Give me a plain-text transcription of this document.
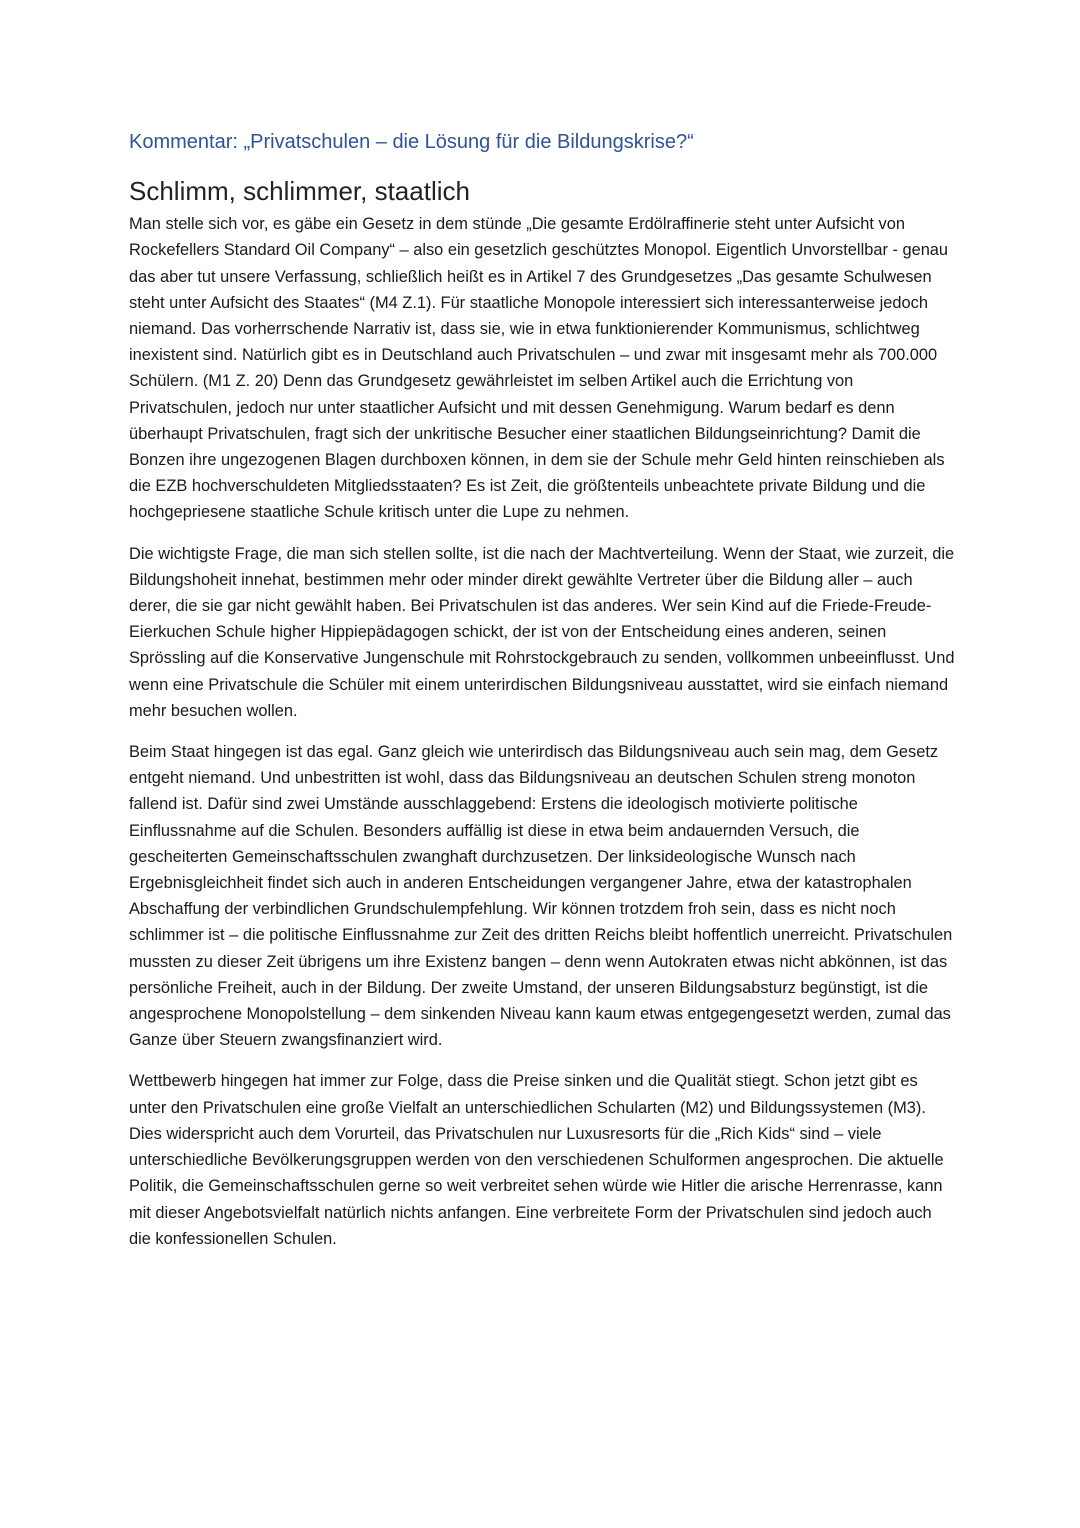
Kommentar: „Privatschulen – die Lösung für die Bildungskrise?“
Schlimm, schlimmer, staatlich

Man stelle sich vor, es gäbe ein Gesetz in dem stünde „Die gesamte Erdölraffinerie steht unter Aufsicht von Rockefellers Standard Oil Company“ – also ein gesetzlich geschütztes Monopol. Eigentlich Unvorstellbar - genau das aber tut unsere Verfassung, schließlich heißt es in Artikel 7 des Grundgesetzes „Das gesamte Schulwesen steht unter Aufsicht des Staates“ (M4 Z.1). Für staatliche Monopole interessiert sich interessanterweise jedoch niemand. Das vorherrschende Narrativ ist, dass sie, wie in etwa funktionierender Kommunismus, schlichtweg inexistent sind. Natürlich gibt es in Deutschland auch Privatschulen – und zwar mit insgesamt mehr als 700.000 Schülern. (M1 Z. 20) Denn das Grundgesetz gewährleistet im selben Artikel auch die Errichtung von Privatschulen, jedoch nur unter staatlicher Aufsicht und mit dessen Genehmigung. Warum bedarf es denn überhaupt Privatschulen, fragt sich der unkritische Besucher einer staatlichen Bildungseinrichtung? Damit die Bonzen ihre ungezogenen Blagen durchboxen können, in dem sie der Schule mehr Geld hinten reinschieben als die EZB hochverschuldeten Mitgliedsstaaten? Es ist Zeit, die größtenteils unbeachtete private Bildung und die hochgepriesene staatliche Schule kritisch unter die Lupe zu nehmen.

Die wichtigste Frage, die man sich stellen sollte, ist die nach der Machtverteilung. Wenn der Staat, wie zurzeit, die Bildungshoheit innehat, bestimmen mehr oder minder direkt gewählte Vertreter über die Bildung aller – auch derer, die sie gar nicht gewählt haben. Bei Privatschulen ist das anderes. Wer sein Kind auf die Friede-Freude-Eierkuchen Schule higher Hippiepädagogen schickt, der ist von der Entscheidung eines anderen, seinen Sprössling auf die Konservative Jungenschule mit Rohrstockgebrauch zu senden, vollkommen unbeeinflusst. Und wenn eine Privatschule die Schüler mit einem unterirdischen Bildungsniveau ausstattet, wird sie einfach niemand mehr besuchen wollen.

Beim Staat hingegen ist das egal. Ganz gleich wie unterirdisch das Bildungsniveau auch sein mag, dem Gesetz entgeht niemand. Und unbestritten ist wohl, dass das Bildungsniveau an deutschen Schulen streng monoton fallend ist. Dafür sind zwei Umstände ausschlaggebend: Erstens die ideologisch motivierte politische Einflussnahme auf die Schulen. Besonders auffällig ist diese in etwa beim andauernden Versuch, die gescheiterten Gemeinschaftsschulen zwanghaft durchzusetzen. Der linksideologische Wunsch nach Ergebnisgleichheit findet sich auch in anderen Entscheidungen vergangener Jahre, etwa der katastrophalen Abschaffung der verbindlichen Grundschulempfehlung. Wir können trotzdem froh sein, dass es nicht noch schlimmer ist – die politische Einflussnahme zur Zeit des dritten Reichs bleibt hoffentlich unerreicht. Privatschulen mussten zu dieser Zeit übrigens um ihre Existenz bangen – denn wenn Autokraten etwas nicht abkönnen, ist das persönliche Freiheit, auch in der Bildung. Der zweite Umstand, der unseren Bildungsabsturz begünstigt, ist die angesprochene Monopolstellung – dem sinkenden Niveau kann kaum etwas entgegengesetzt werden, zumal das Ganze über Steuern zwangsfinanziert wird.

Wettbewerb hingegen hat immer zur Folge, dass die Preise sinken und die Qualität stiegt. Schon jetzt gibt es unter den Privatschulen eine große Vielfalt an unterschiedlichen Schularten (M2) und Bildungssystemen (M3). Dies widerspricht auch dem Vorurteil, das Privatschulen nur Luxusresorts für die „Rich Kids“ sind – viele unterschiedliche Bevölkerungsgruppen werden von den verschiedenen Schulformen angesprochen. Die aktuelle Politik, die Gemeinschaftsschulen gerne so weit verbreitet sehen würde wie Hitler die arische Herrenrasse, kann mit dieser Angebotsvielfalt natürlich nichts anfangen. Eine verbreitete Form der Privatschulen sind jedoch auch die konfessionellen Schulen.
